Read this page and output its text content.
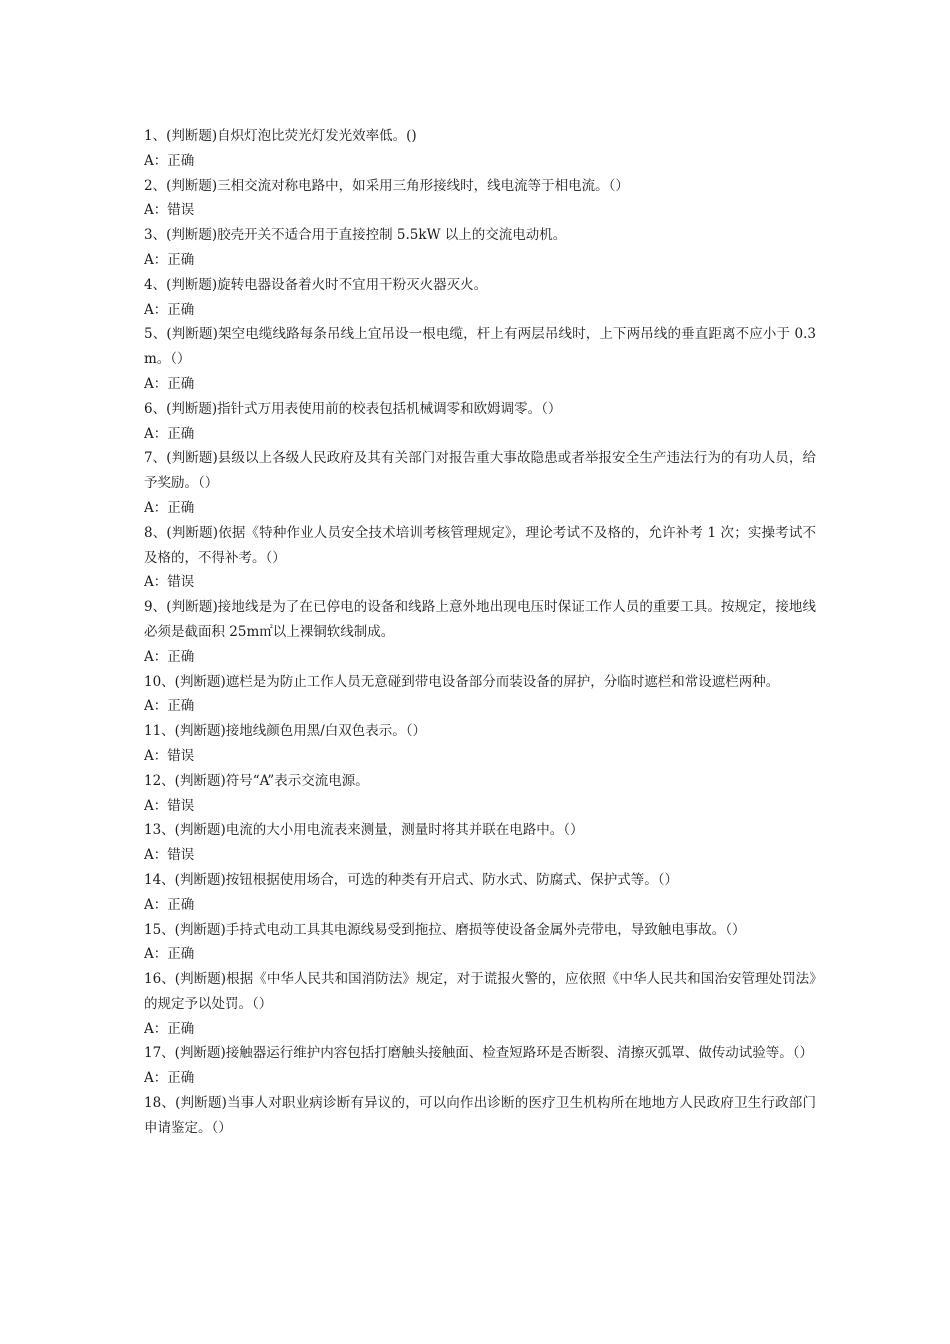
1、(判断题)自炽灯泡比荧光灯发光效率低。()

A：正确

2、(判断题)三相交流对称电路中，如采用三角形接线时，线电流等于相电流。（）

A：错误

3、(判断题)胶壳开关不适合用于直接控制 5.5kW 以上的交流电动机。

A：正确

4、(判断题)旋转电器设备着火时不宜用干粉灭火器灭火。

A：正确

5、(判断题)架空电缆线路每条吊线上宜吊设一根电缆，杆上有两层吊线时，上下两吊线的垂直距离不应小于 0.3m。（）

A：正确

6、(判断题)指针式万用表使用前的校表包括机械调零和欧姆调零。（）

A：正确

7、(判断题)县级以上各级人民政府及其有关部门对报告重大事故隐患或者举报安全生产违法行为的有功人员，给予奖励。（）

A：正确

8、(判断题)依据《特种作业人员安全技术培训考核管理规定》，理论考试不及格的，允许补考 1 次；实操考试不及格的，不得补考。（）

A：错误

9、(判断题)接地线是为了在已停电的设备和线路上意外地出现电压时保证工作人员的重要工具。按规定，接地线必须是截面积 25m㎡以上裸铜软线制成。

A：正确

10、(判断题)遮栏是为防止工作人员无意碰到带电设备部分而装设备的屏护，分临时遮栏和常设遮栏两种。

A：正确

11、(判断题)接地线颜色用黑/白双色表示。（）

A：错误

12、(判断题)符号“A”表示交流电源。

A：错误

13、(判断题)电流的大小用电流表来测量，测量时将其并联在电路中。（）

A：错误

14、(判断题)按钮根据使用场合，可选的种类有开启式、防水式、防腐式、保护式等。（）

A：正确

15、(判断题)手持式电动工具其电源线易受到拖拉、磨损等使设备金属外壳带电，导致触电事故。（）

A：正确

16、(判断题)根据《中华人民共和国消防法》规定，对于谎报火警的，应依照《中华人民共和国治安管理处罚法》的规定予以处罚。（）

A：正确

17、(判断题)接触器运行维护内容包括打磨触头接触面、检查短路环是否断裂、清擦灭弧罩、做传动试验等。（）

A：正确

18、(判断题)当事人对职业病诊断有异议的，可以向作出诊断的医疗卫生机构所在地地方人民政府卫生行政部门申请鉴定。（）
